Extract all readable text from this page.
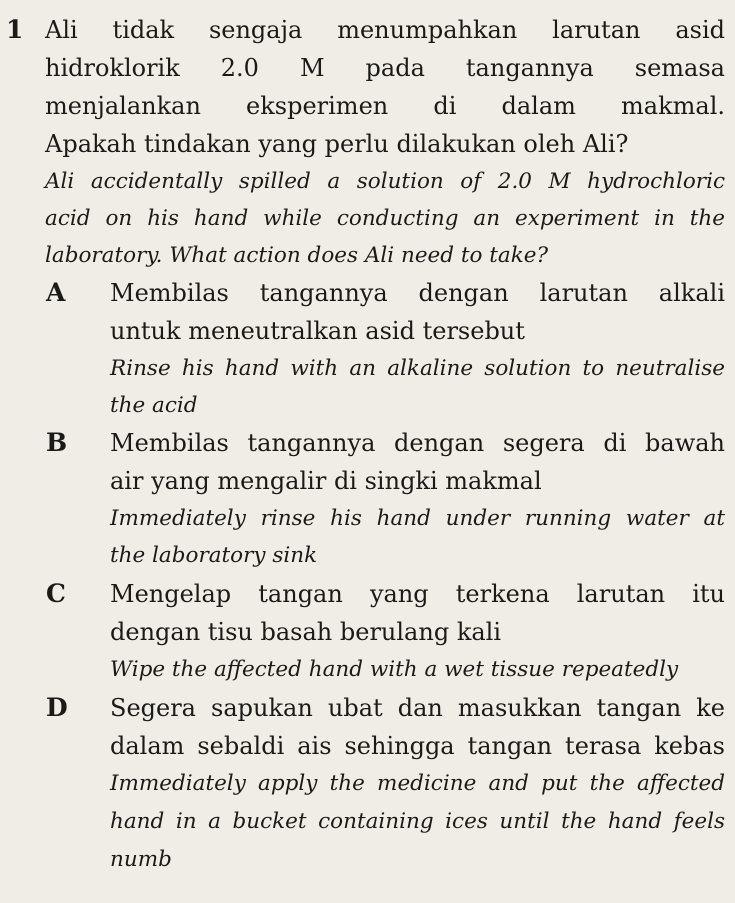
1 Ali tidak sengaja menumpahkan larutan asid
hidroklorik 2.0 M pada tangannya semasa
menjalankan eksperimen di dalam makmal.
Apakah tindakan yang perlu dilakukan oleh Ali?
Ali accidentally spilled a solution of 2.0 M hydrochloric
acid on his hand while conducting an experiment in the
laboratory. What action does Ali need to take?
A Membilas tangannya dengan larutan alkali
untuk meneutralkan asid tersebut
Rinse his hand with an alkaline solution to neutralise
the acid
B Membilas tangannya dengan segera di bawah
air yang mengalir di singki makmal
Immediately rinse his hand under running water at
the laboratory sink
C Mengelap tangan yang terkena larutan itu
dengan tisu basah berulang kali
Wipe the affected hand with a wet tissue repeatedly
D Segera sapukan ubat dan masukkan tangan ke
dalam sebaldi ais sehingga tangan terasa kebas
Immediately apply the medicine and put the affected
hand in a bucket containing ices until the hand feels
numb
